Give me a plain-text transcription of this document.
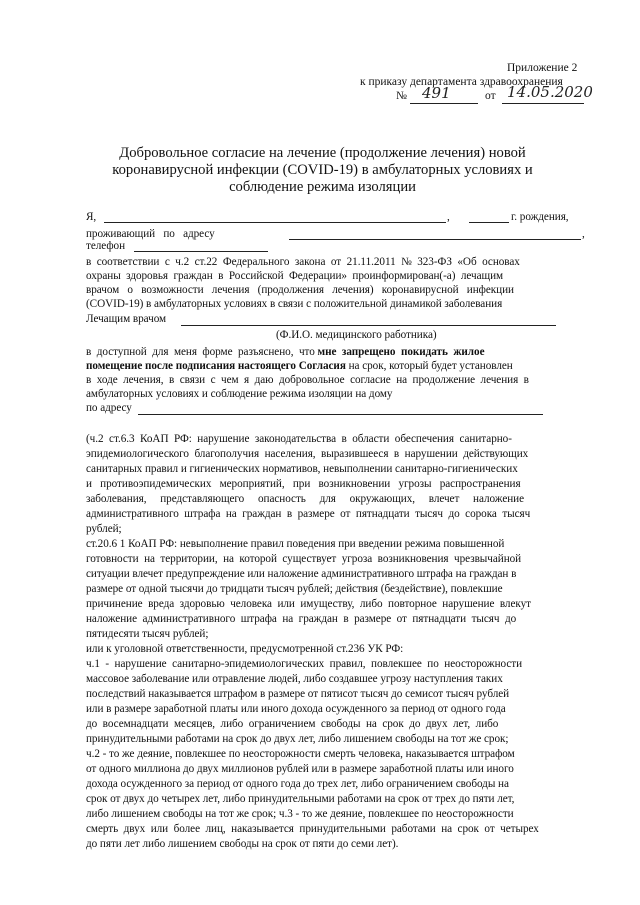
Приложение 2
к приказу департамента здравоохранения
№ 491	от 14.05.2020
Добровольное согласие на лечение (продолжение лечения) новой
коронавирусной инфекции (COVID-19) в амбулаторных условиях и
соблюдение режима изоляции
Я,	,	г. рождения,
проживающий   по   адресу	,
телефон
в  соответствии  с  ч.2  ст.22  Федерального  закона  от  21.11.2011  №  323-ФЗ  «Об  основах
охраны  здоровья  граждан  в  Российской  Федерации»  проинформирован(-а)  лечащим
врачом   о   возможности   лечения   (продолжения   лечения)   коронавирусной   инфекции
(COVID-19) в амбулаторных условиях в связи с положительной динамикой заболевания
Лечащим врачом
(Ф.И.О. медицинского работника)
в  доступной  для  меня  форме  разъяснено,  что мне  запрещено  покидать  жилое
помещение после подписания настоящего Согласия на срок, который будет установлен
в  ходе  лечения,  в  связи  с  чем  я  даю  добровольное  согласие  на  продолжение  лечения  в
амбулаторных условиях и соблюдение режима изоляции на дому
по адресу
(ч.2  ст.6.3  КоАП  РФ:  нарушение  законодательства  в  области  обеспечения  санитарно-
эпидемиологического  благополучия  населения,  выразившееся  в  нарушении  действующих
санитарных правил и гигиенических нормативов, невыполнении санитарно-гигиенических
и   противоэпидемических   мероприятий,   при   возникновении   угрозы   распространения
заболевания,     представляющего     опасность     для     окружающих,     влечет     наложение
административного  штрафа  на  граждан  в  размере  от  пятнадцати  тысяч  до  сорока  тысяч
рублей;
ст.20.6 1 КоАП РФ: невыполнение правил поведения при введении режима повышенной
готовности  на  территории,  на  которой  существует  угроза  возникновения  чрезвычайной
ситуации влечет предупреждение или наложение административного штрафа на граждан в
размере от одной тысячи до тридцати тысяч рублей; действия (бездействие), повлекшие
причинение  вреда  здоровью  человека  или  имуществу,  либо  повторное  нарушение  влекут
наложение  административного  штрафа  на  граждан  в  размере  от  пятнадцати  тысяч  до
пятидесяти тысяч рублей;
или к уголовной ответственности, предусмотренной ст.236 УК РФ:
ч.1  -  нарушение  санитарно-эпидемиологических  правил,  повлекшее  по  неосторожности
массовое заболевание или отравление людей, либо создавшее угрозу наступления таких
последствий наказывается штрафом в размере от пятисот тысяч до семисот тысяч рублей
или в размере заработной платы или иного дохода осужденного за период от одного года
до  восемнадцати  месяцев,  либо  ограничением  свободы  на  срок  до  двух  лет,  либо
принудительными работами на срок до двух лет, либо лишением свободы на тот же срок;
ч.2 - то же деяние, повлекшее по неосторожности смерть человека, наказывается штрафом
от одного миллиона до двух миллионов рублей или в размере заработной платы или иного
дохода осужденного за период от одного года до трех лет, либо ограничением свободы на
срок от двух до четырех лет, либо принудительными работами на срок от трех до пяти лет,
либо лишением свободы на тот же срок; ч.3 - то же деяние, повлекшее по неосторожности
смерть  двух  или  более  лиц,  наказывается  принудительными  работами  на  срок  от  четырех
до пяти лет либо лишением свободы на срок от пяти до семи лет).
